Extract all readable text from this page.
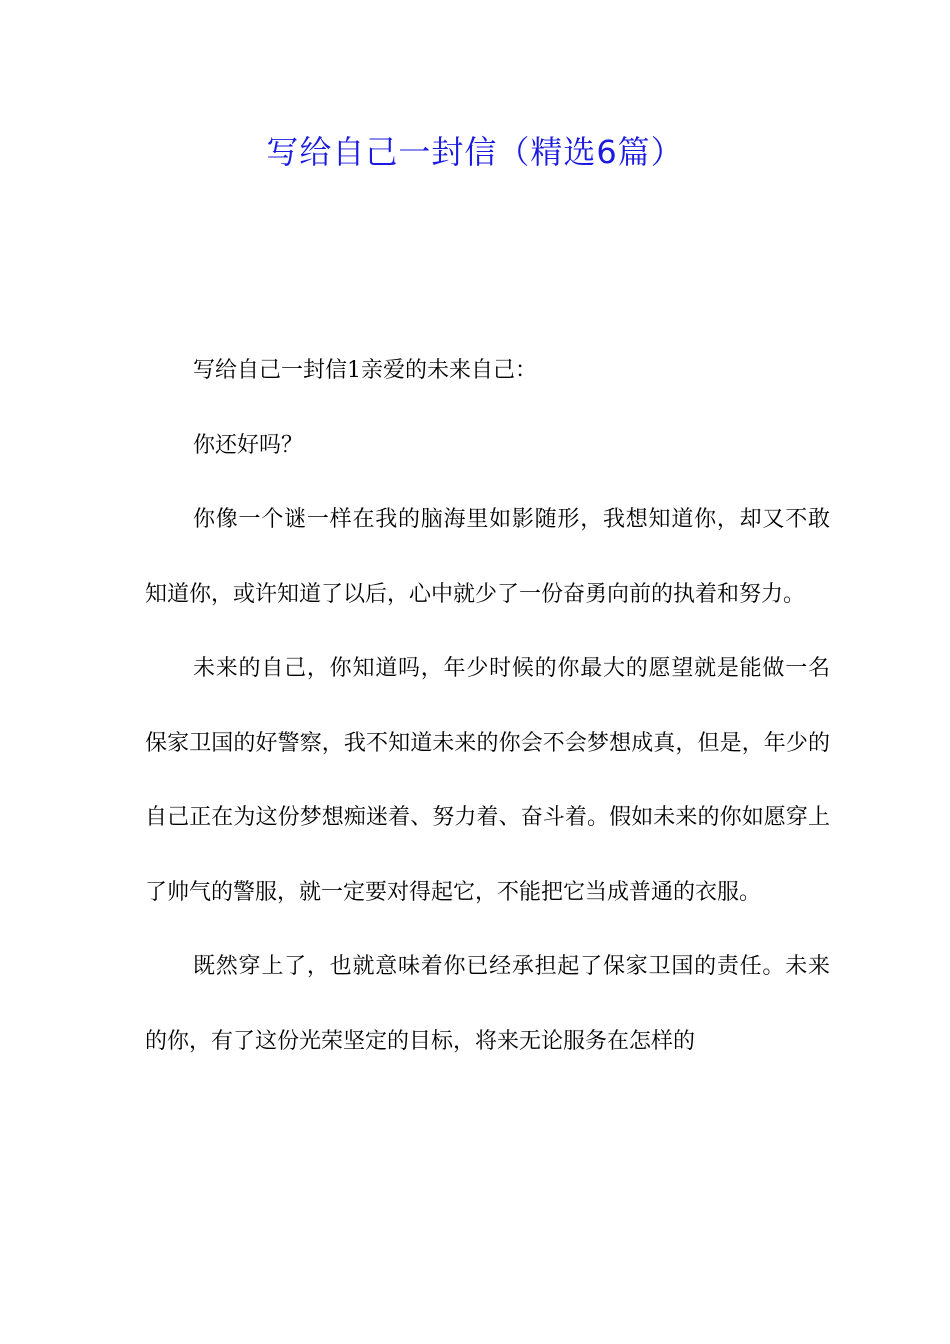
写给自己一封信（精选6篇）

写给自己一封信1亲爱的未来自己：

你还好吗？

你像一个谜一样在我的脑海里如影随形，我想知道你，却又不敢知道你，或许知道了以后，心中就少了一份奋勇向前的执着和努力。

未来的自己，你知道吗，年少时候的你最大的愿望就是能做一名保家卫国的好警察，我不知道未来的你会不会梦想成真，但是，年少的自己正在为这份梦想痴迷着、努力着、奋斗着。假如未来的你如愿穿上了帅气的警服，就一定要对得起它，不能把它当成普通的衣服。

既然穿上了，也就意味着你已经承担起了保家卫国的责任。未来的你，有了这份光荣坚定的目标，将来无论服务在怎样的
